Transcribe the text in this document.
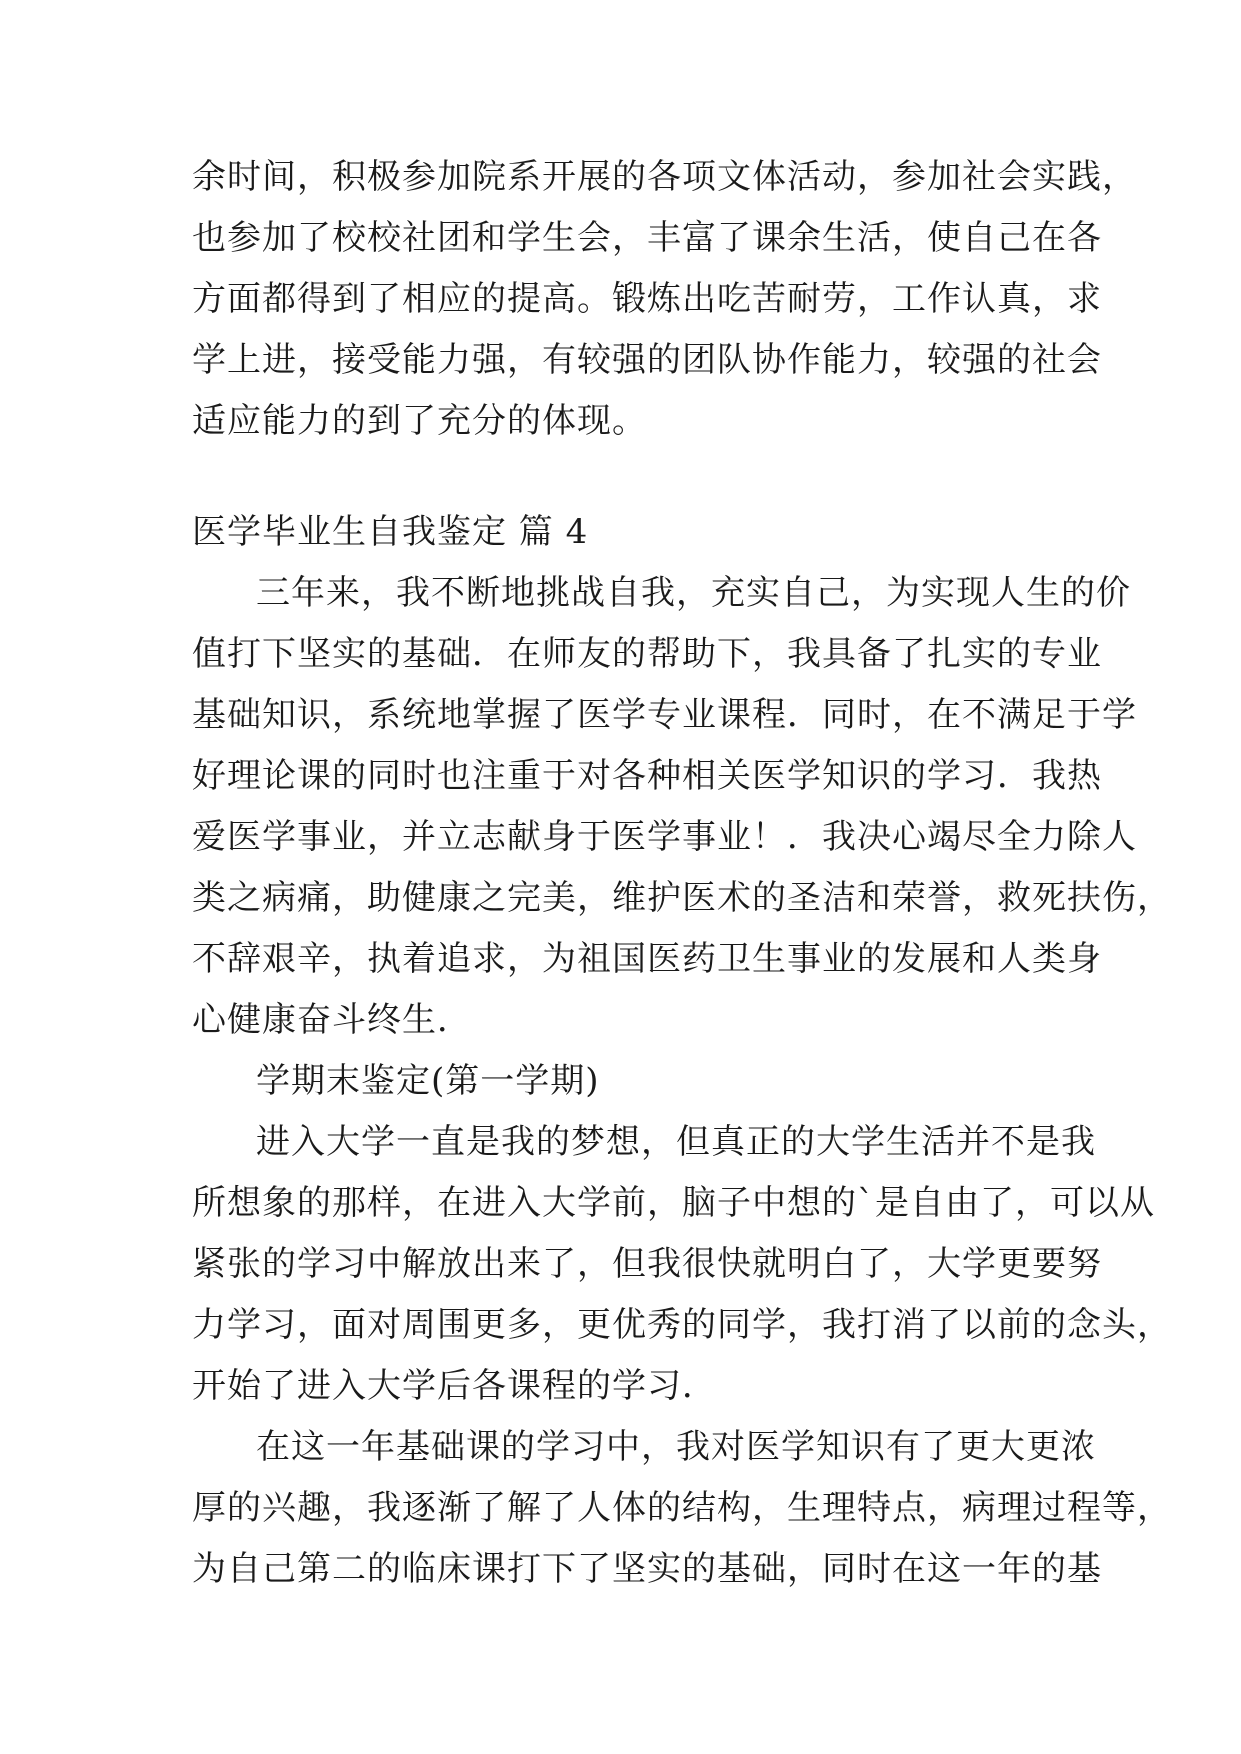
余时间，积极参加院系开展的各项文体活动，参加社会实践，
也参加了校校社团和学生会，丰富了课余生活，使自己在各
方面都得到了相应的提高。锻炼出吃苦耐劳，工作认真，求
学上进，接受能力强，有较强的团队协作能力，较强的社会
适应能力的到了充分的体现。
医学毕业生自我鉴定 篇 4
三年来，我不断地挑战自我，充实自己，为实现人生的价
值打下坚实的基础．在师友的帮助下，我具备了扎实的专业
基础知识，系统地掌握了医学专业课程．同时，在不满足于学
好理论课的同时也注重于对各种相关医学知识的学习．我热
爱医学事业，并立志献身于医学事业！．我决心竭尽全力除人
类之病痛，助健康之完美，维护医术的圣洁和荣誉，救死扶伤，
不辞艰辛，执着追求，为祖国医药卫生事业的发展和人类身
心健康奋斗终生．
学期末鉴定(第一学期)
进入大学一直是我的梦想，但真正的大学生活并不是我
所想象的那样，在进入大学前，脑子中想的`是自由了，可以从
紧张的学习中解放出来了，但我很快就明白了，大学更要努
力学习，面对周围更多，更优秀的同学，我打消了以前的念头，
开始了进入大学后各课程的学习．
在这一年基础课的学习中，我对医学知识有了更大更浓
厚的兴趣，我逐渐了解了人体的结构，生理特点，病理过程等，
为自己第二的临床课打下了坚实的基础，同时在这一年的基
